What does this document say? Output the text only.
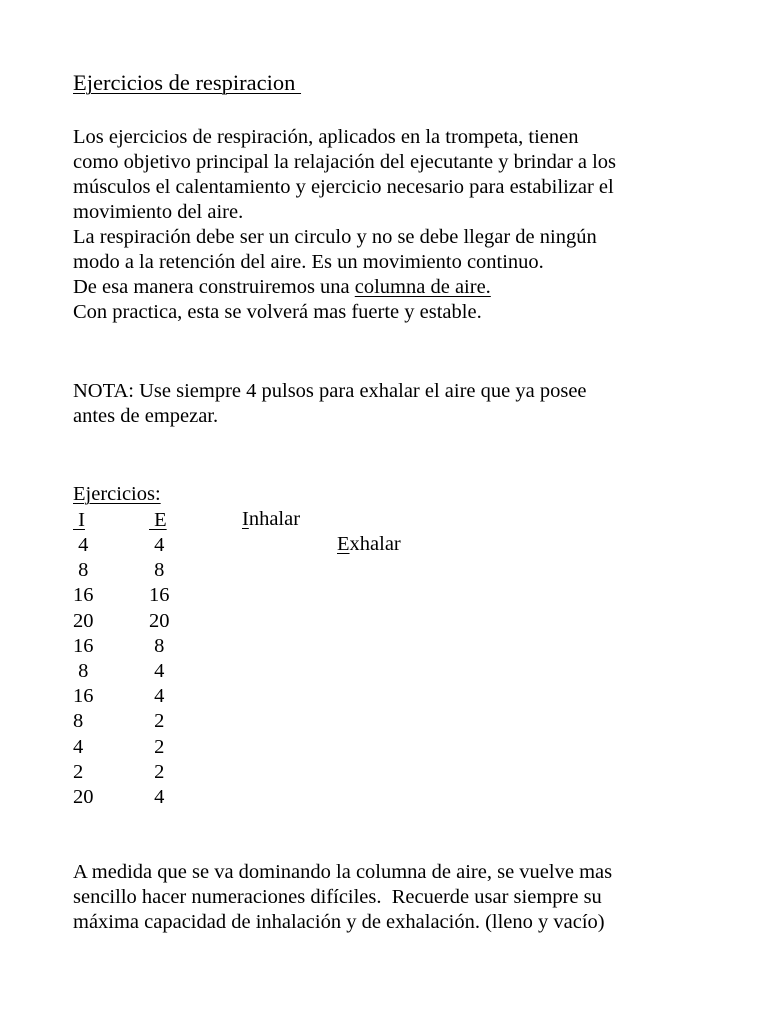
Ejercicios de respiracion
Los ejercicios de respiración, aplicados en la trompeta, tienen
como objetivo principal la relajación del ejecutante y brindar a los
músculos el calentamiento y ejercicio necesario para estabilizar el
movimiento del aire.
La respiración debe ser un circulo y no se debe llegar de ningún
modo a la retención del aire. Es un movimiento continuo.
De esa manera construiremos una columna de aire.
Con practica, esta se volverá mas fuerte y estable.
NOTA: Use siempre 4 pulsos para exhalar el aire que ya posee
antes de empezar.

Ejercicios:

Inhalar

Exhalar

I	E
4	4
8	8
16	16
20	20
16	8
8	4
16	4
8	2
4	2
2	2
20	4
A medida que se va dominando la columna de aire, se vuelve mas
sencillo hacer numeraciones difíciles.  Recuerde usar siempre su
máxima capacidad de inhalación y de exhalación. (lleno y vacío)
